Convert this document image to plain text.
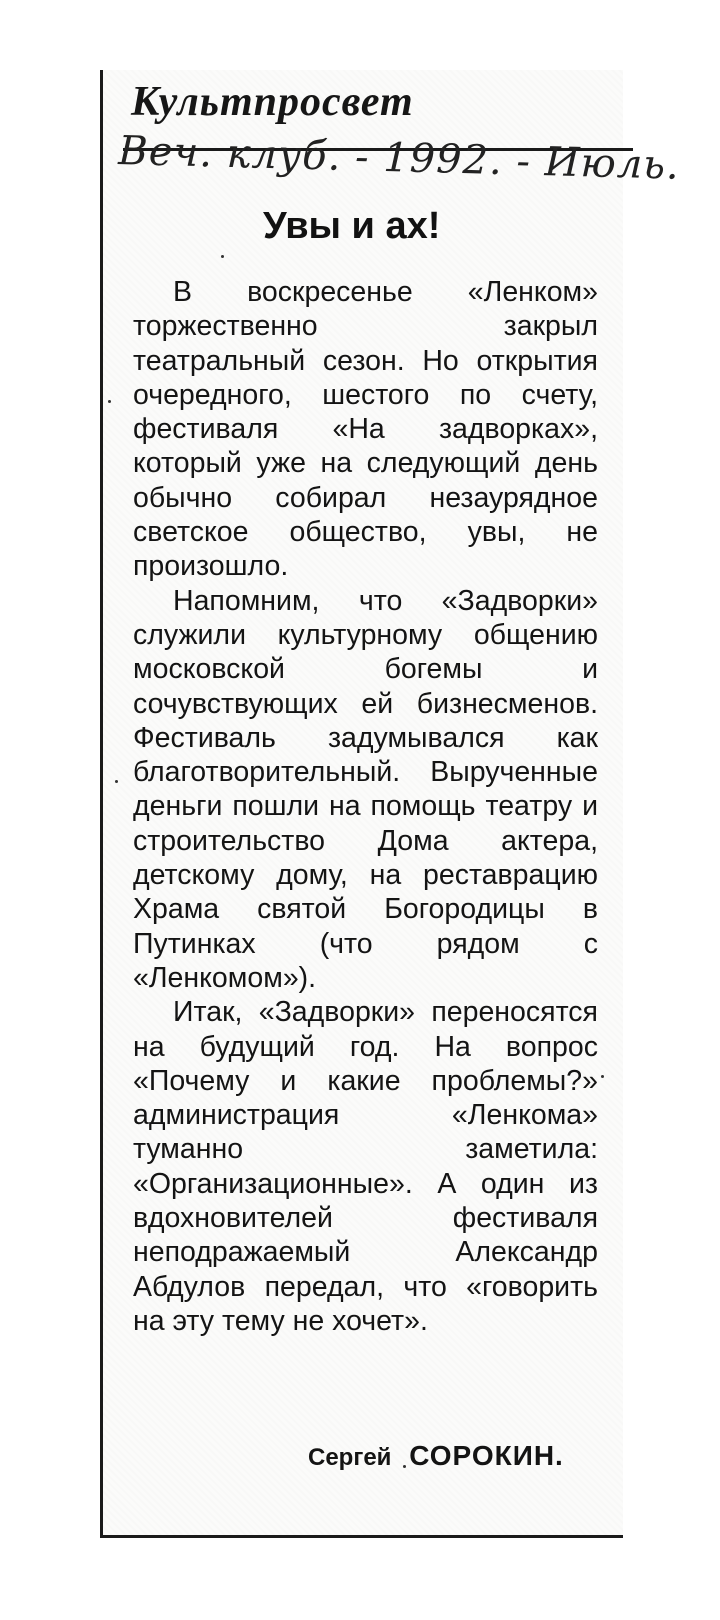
Культпросвет
Веч. клуб. - 1992. - Июль.
Увы и ах!

В воскресенье «Ленком» торжественно закрыл театральный сезон. Но открытия очередного, шестого по счету, фестиваля «На задворках», который уже на следующий день обычно собирал незаурядное светское общество, увы, не произошло.

Напомним, что «Задворки» служили культурному общению московской богемы и сочувствующих ей бизнесменов. Фестиваль задумывался как благотворительный. Вырученные деньги пошли на помощь театру и строительство Дома актера, детскому дому, на реставрацию Храма святой Богородицы в Путинках (что рядом с «Ленкомом»).

Итак, «Задворки» переносятся на будущий год. На вопрос «Почему и какие проблемы?» администрация «Ленкома» туманно заметила: «Организационные». А один из вдохновителей фестиваля неподражаемый Александр Абдулов передал, что «говорить на эту тему не хочет».

Сергей СОРОКИН.
